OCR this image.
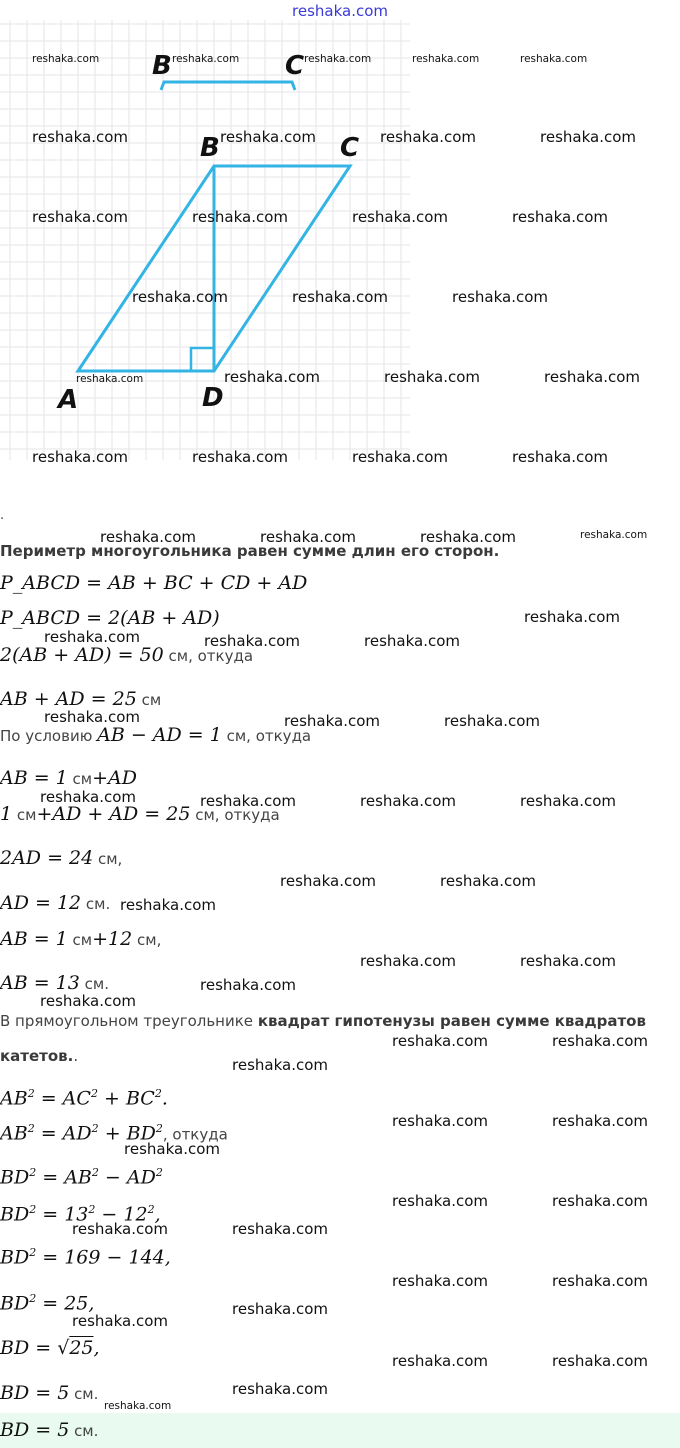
reshaka.com
B	C
A
B	C
D
.
Периметр многоугольника равен сумме длин его сторон.
P_ABCD = AB + BC + CD + AD
P_ABCD = 2(AB + AD)
2(AB + AD) = 50 см, откуда
AB + AD = 25 см
По условию AB − AD = 1 см, откуда
AB = 1 см+AD
1 см+AD + AD = 25 см, откуда
2AD = 24 см,
AD = 12 см.
AB = 1 см+12 см,
AB = 13 см.
В прямоугольном треугольнике квадрат гипотенузы равен сумме квадратов
катетов..
$AB^2 = AC^2 + BC^2$.
$AB^2 = AD^2 + BD^2$, откуда
$BD^2 = AB^2 - AD^2$
$BD^2 = 13^2 - 12^2$,
$BD^2 = 169 - 144$,
$BD^2 = 25$,
BD = √25,
BD = 5 см.
BD = 5 см.
reshaka.com	reshaka.com	reshaka.com	reshaka.com	reshaka.com
reshaka.com	reshaka.com	reshaka.com	reshaka.com
reshaka.com	reshaka.com	reshaka.com	reshaka.com
reshaka.com	reshaka.com	reshaka.com
reshaka.com	reshaka.com	reshaka.com	reshaka.com
reshaka.com	reshaka.com	reshaka.com	reshaka.com
reshaka.com	reshaka.com	reshaka.com	reshaka.com
reshaka.com
reshaka.com	reshaka.com	reshaka.com
reshaka.com	reshaka.com	reshaka.com
reshaka.com	reshaka.com	reshaka.com	reshaka.com
reshaka.com	reshaka.com
reshaka.com
reshaka.com	reshaka.com
reshaka.com
reshaka.com
reshaka.com	reshaka.com
reshaka.com
reshaka.com	reshaka.com
reshaka.com
reshaka.com	reshaka.com
reshaka.com	reshaka.com
reshaka.com	reshaka.com
reshaka.com
reshaka.com
reshaka.com	reshaka.com
reshaka.com
reshaka.com
